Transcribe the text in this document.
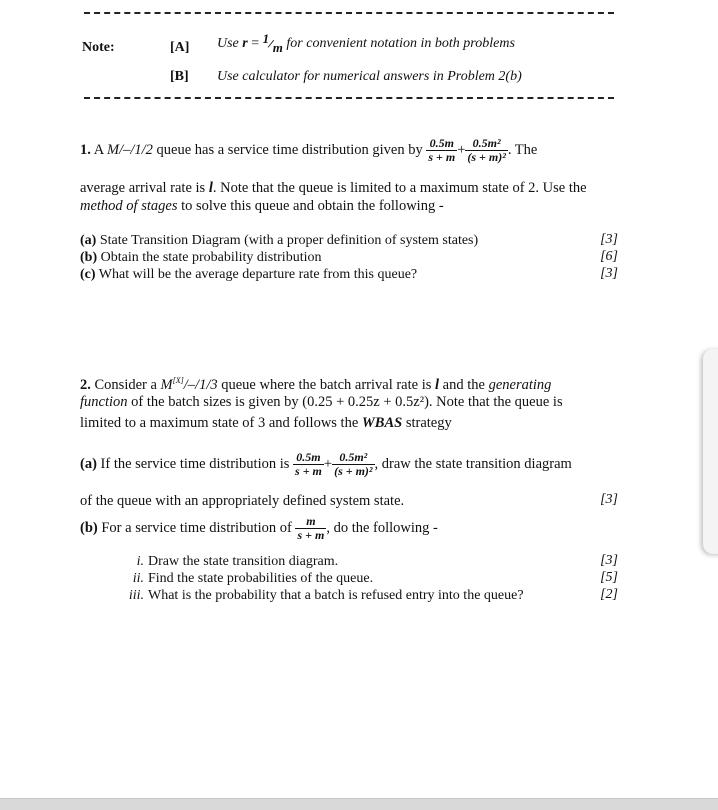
Note:	[A] Use r = 1/m for convenient notation in both problems
[B] Use calculator for numerical answers in Problem 2(b)
1. A M/–/1/2 queue has a service time distribution given by $\frac{0.5m}{s + m} + \frac{\text{0.5m²}}{\text{(s + m)²}}$ . The
average arrival rate is l. Note that the queue is limited to a maximum state of 2. Use the
method of stages to solve this queue and obtain the following -
(a) State Transition Diagram (with a proper definition of system states)	[3]
(b) Obtain the state probability distribution	[6]
(c) What will be the average departure rate from this queue?	[3]
2. Consider a M[X]/–/1/3 queue where the batch arrival rate is l and the generating
function of the batch sizes is given by (0.25 + 0.25z + 0.5z²). Note that the queue is
limited to a maximum state of 3 and follows the WBAS strategy
(a) If the service time distribution is $\frac{0.5m}{s + m} + \frac{\text{0.5m²}}{\text{(s + m)²}}$ , draw the state transition diagram
of the queue with an appropriately defined system state.	[3]
(b) For a service time distribution of $\frac{m}{s + m}$ , do the following -
i. Draw the state transition diagram.	[3]
ii. Find the state probabilities of the queue.	[5]
iii. What is the probability that a batch is refused entry into the queue?	[2]
